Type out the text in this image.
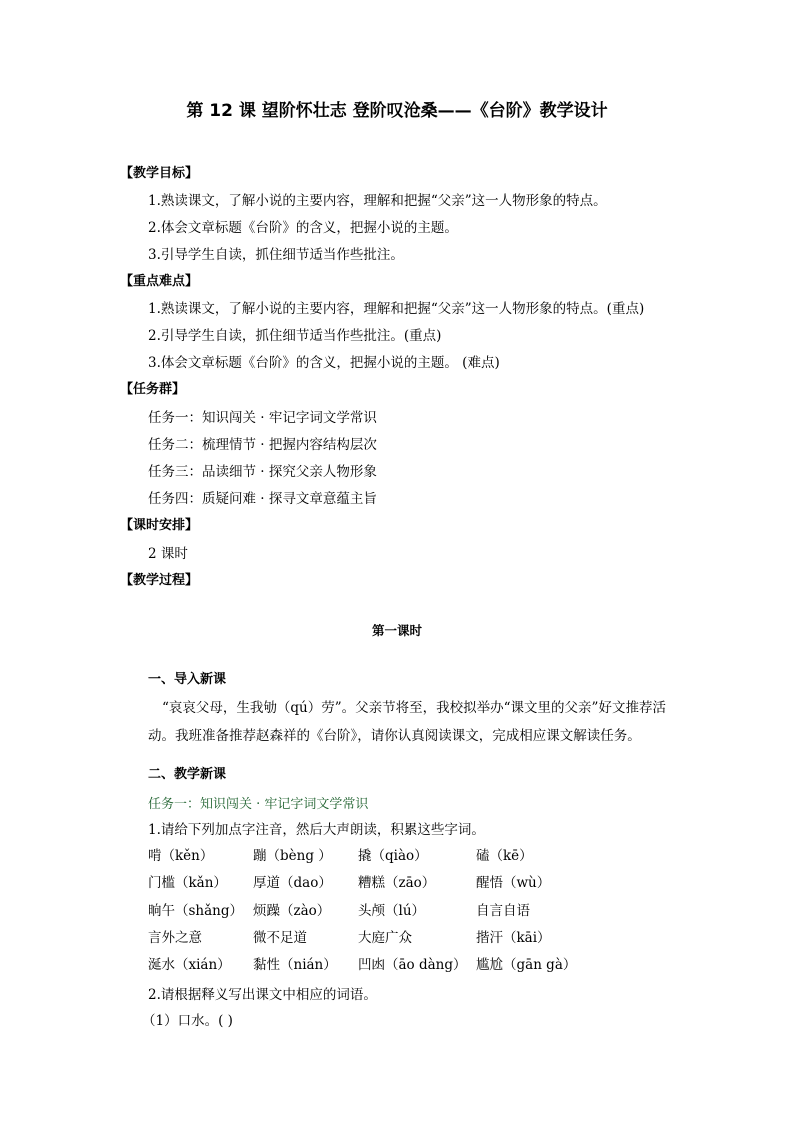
第 12 课 望阶怀壮志 登阶叹沧桑——《台阶》教学设计
【教学目标】
1.熟读课文，了解小说的主要内容，理解和把握“父亲”这一人物形象的特点。
2.体会文章标题《台阶》的含义，把握小说的主题。
3.引导学生自读，抓住细节适当作些批注。
【重点难点】
1.熟读课文，了解小说的主要内容，理解和把握“父亲”这一人物形象的特点。(重点)
2.引导学生自读，抓住细节适当作些批注。(重点)
3.体会文章标题《台阶》的含义，把握小说的主题。 (难点)
【任务群】
任务一：知识闯关 · 牢记字词文学常识
任务二：梳理情节 · 把握内容结构层次
任务三：品读细节 · 探究父亲人物形象
任务四：质疑问难 · 探寻文章意蕴主旨
【课时安排】
2 课时
【教学过程】
第一课时
一、导入新课
“哀哀父母，生我劬（qú）劳”。父亲节将至，我校拟举办“课文里的父亲”好文推荐活动。我班准备推荐赵森祥的《台阶》，请你认真阅读课文，完成相应课文解读任务。
二、教学新课
任务一：知识闯关 · 牢记字词文学常识
1.请给下列加点字注音，然后大声朗读，积累这些字词。
啃（kěn）	蹦（bèng ） 撬（qiào）	磕（kē）
门槛（kǎn） 厚道（dao） 糟糕（zāo）	醒悟（wù）
晌午（shǎng） 烦躁（zào） 头颅（lú）	自言自语
言外之意	微不足道	大庭广众	揩汗（kāi）
涎水（xián） 黏性（nián） 凹凼（āo dàng） 尴尬（gān gà）
2.请根据释义写出课文中相应的词语。
（1）口水。( )
